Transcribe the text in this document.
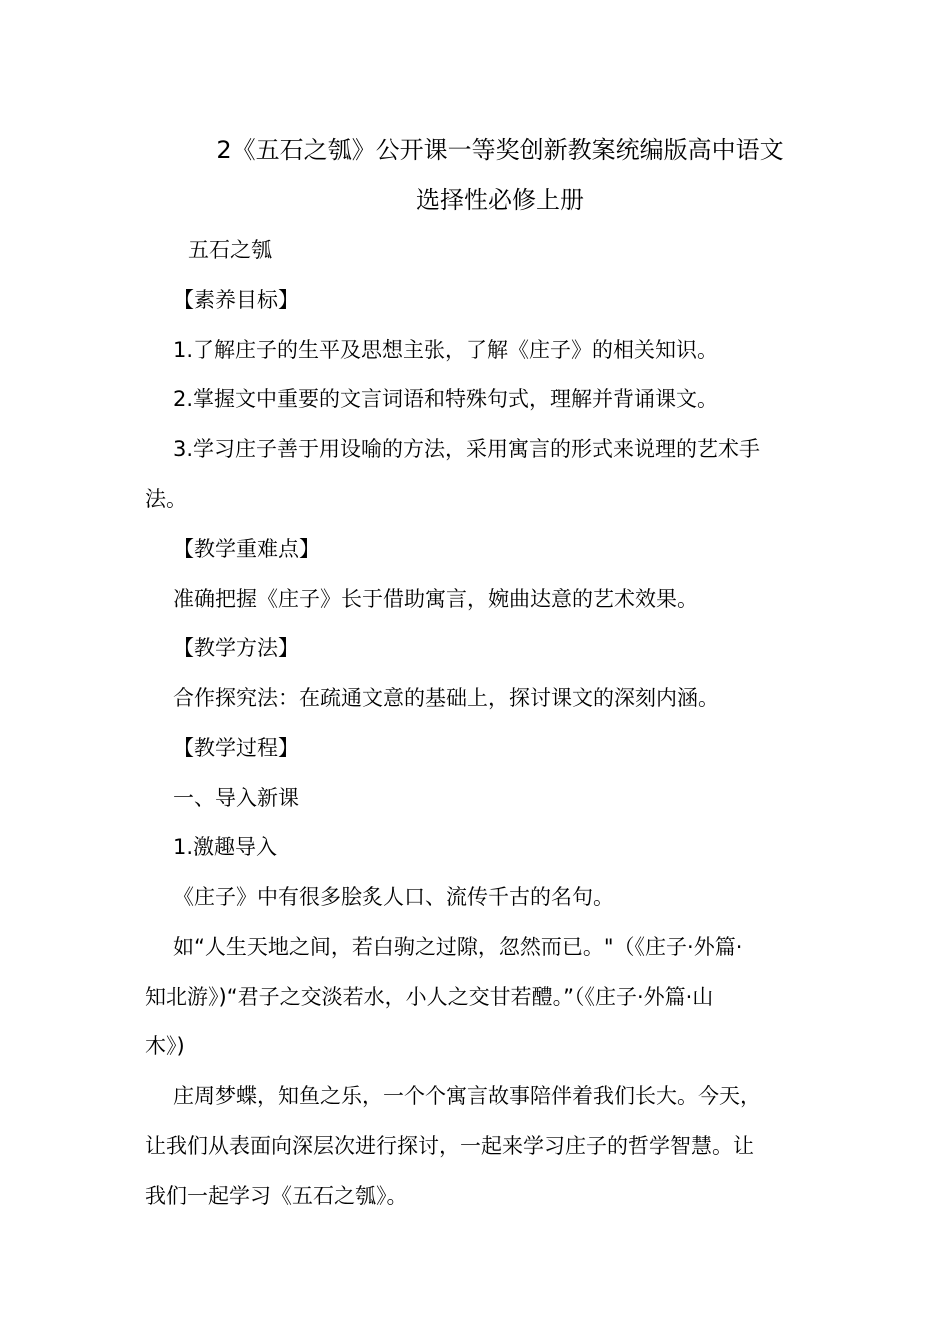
2《五石之瓠》公开课一等奖创新教案统编版高中语文
选择性必修上册
五石之瓠
【素养目标】
1.了解庄子的生平及思想主张，了解《庄子》的相关知识。
2.掌握文中重要的文言词语和特殊句式，理解并背诵课文。
3.学习庄子善于用设喻的方法，采用寓言的形式来说理的艺术手
法。
【教学重难点】
准确把握《庄子》长于借助寓言，婉曲达意的艺术效果。
【教学方法】
合作探究法：在疏通文意的基础上，探讨课文的深刻内涵。
【教学过程】
一、导入新课
1.激趣导入
《庄子》中有很多脍炙人口、流传千古的名句。
如“人生天地之间，若白驹之过隙，忽然而已。"（《庄子·外篇·
知北游》)“君子之交淡若水，小人之交甘若醴。”（《庄子·外篇·山
木》)
庄周梦蝶，知鱼之乐，一个个寓言故事陪伴着我们长大。今天，
让我们从表面向深层次进行探讨，一起来学习庄子的哲学智慧。让
我们一起学习《五石之瓠》。
